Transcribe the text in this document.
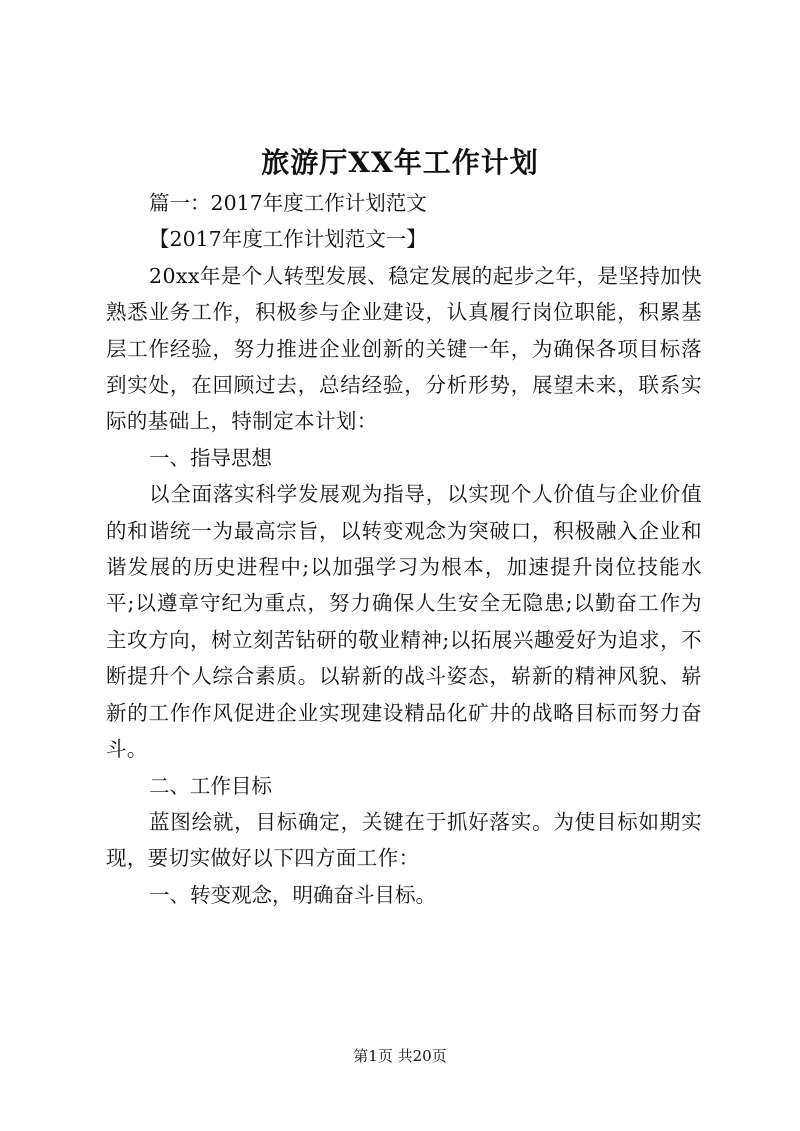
旅游厅XX年工作计划

篇一：2017年度工作计划范文

【2017年度工作计划范文一】

20xx年是个人转型发展、稳定发展的起步之年，是坚持加快熟悉业务工作，积极参与企业建设，认真履行岗位职能，积累基层工作经验，努力推进企业创新的关键一年，为确保各项目标落到实处，在回顾过去，总结经验，分析形势，展望未来，联系实际的基础上，特制定本计划：

一、指导思想

以全面落实科学发展观为指导，以实现个人价值与企业价值的和谐统一为最高宗旨，以转变观念为突破口，积极融入企业和谐发展的历史进程中;以加强学习为根本，加速提升岗位技能水平;以遵章守纪为重点，努力确保人生安全无隐患;以勤奋工作为主攻方向，树立刻苦钻研的敬业精神;以拓展兴趣爱好为追求，不断提升个人综合素质。以崭新的战斗姿态，崭新的精神风貌、崭新的工作作风促进企业实现建设精品化矿井的战略目标而努力奋斗。

二、工作目标

蓝图绘就，目标确定，关键在于抓好落实。为使目标如期实现，要切实做好以下四方面工作：

一、转变观念，明确奋斗目标。

第1页 共20页
